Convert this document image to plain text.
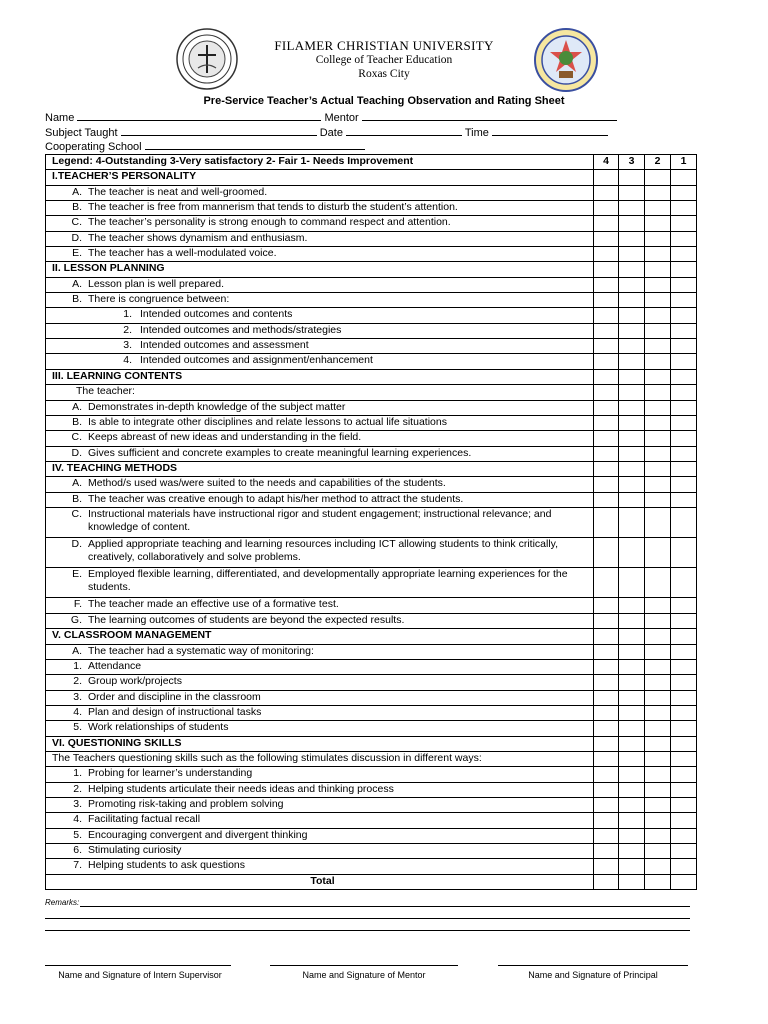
FILAMER CHRISTIAN UNIVERSITY
College of Teacher Education
Roxas City
Pre-Service Teacher’s Actual Teaching Observation and Rating Sheet
Name	Mentor
Subject Taught	Date	Time
Cooperating School
Legend: 4-Outstanding 3-Very satisfactory 2- Fair 1- Needs Improvement	4	3	2	1
I.TEACHER’S PERSONALITY				
A. The teacher is neat and well-groomed.				
B. The teacher is free from mannerism that tends to disturb the student’s attention.				
C. The teacher’s personality is strong enough to command respect and attention.				
D. The teacher shows dynamism and enthusiasm.				
E. The teacher has a well-modulated voice.				
II. LESSON PLANNING				
A. Lesson plan is well prepared.				
B. There is congruence between:				
1. Intended outcomes and contents				
2. Intended outcomes and methods/strategies				
3. Intended outcomes and assessment				
4. Intended outcomes and assignment/enhancement				
III. LEARNING CONTENTS				
The teacher:				
A. Demonstrates in-depth knowledge of the subject matter				
B. Is able to integrate other disciplines and relate lessons to actual life situations				
C. Keeps abreast of new ideas and understanding in the field.				
D. Gives sufficient and concrete examples to create meaningful learning experiences.				
IV. TEACHING METHODS				
A. Method/s used was/were suited to the needs and capabilities of the students.				
B. The teacher was creative enough to adapt his/her method to attract the students.				
C. Instructional materials have instructional rigor and student engagement; instructional relevance; and knowledge of content.				
D. Applied appropriate teaching and learning resources including ICT allowing students to think critically, creatively, collaboratively and solve problems.				
E. Employed flexible learning, differentiated, and developmentally appropriate learning experiences for the students.				
F. The teacher made an effective use of a formative test.				
G. The learning outcomes of students are beyond the expected results.				
V. CLASSROOM MANAGEMENT				
A. The teacher had a systematic way of monitoring:				
1. Attendance				
2. Group work/projects				
3. Order and discipline in the classroom				
4. Plan and design of instructional tasks				
5. Work relationships of students				
VI. QUESTIONING SKILLS				
The Teachers questioning skills such as the following stimulates discussion in different ways:				
1. Probing for learner’s understanding				
2. Helping students articulate their needs ideas and thinking process				
3. Promoting risk-taking and problem solving				
4. Facilitating factual recall				
5. Encouraging convergent and divergent thinking				
6. Stimulating curiosity				
7. Helping students to ask questions				
Total				
Remarks:
Name and Signature of Intern Supervisor	Name and Signature of Mentor	Name and Signature of Principal
